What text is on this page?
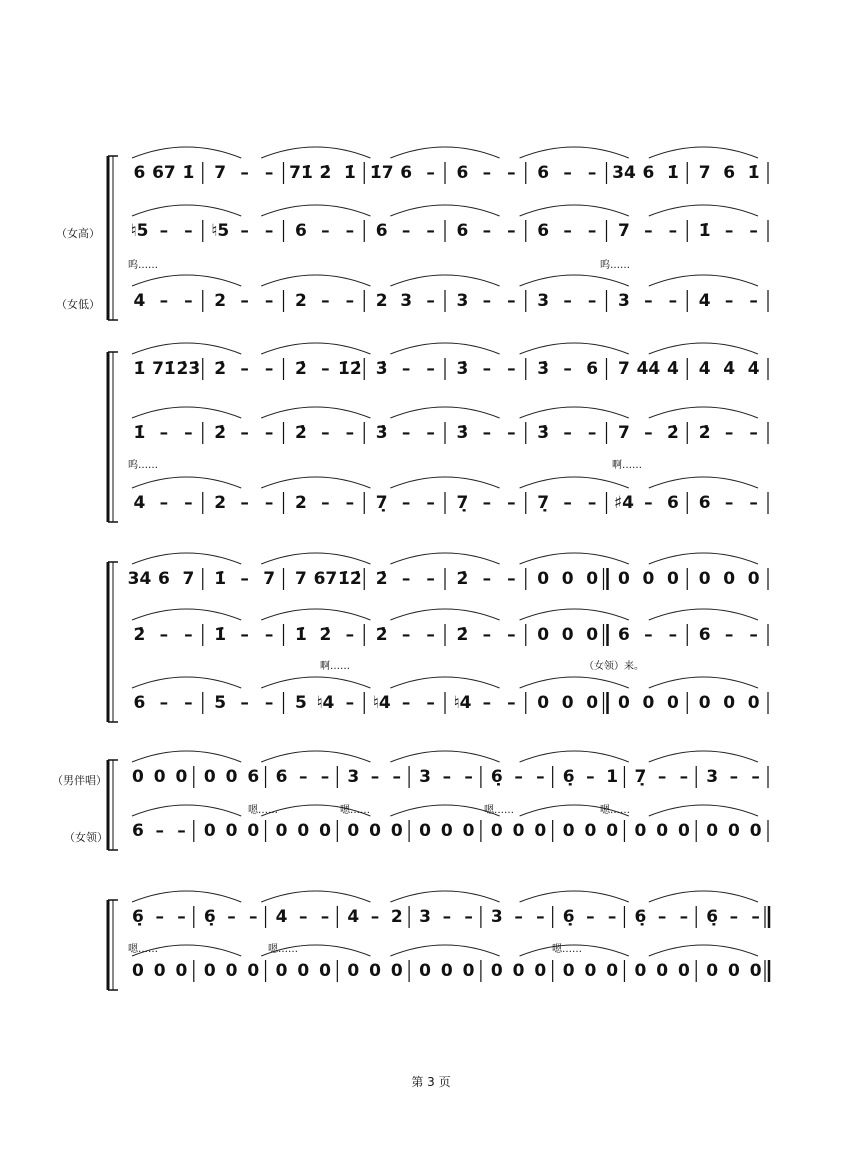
6 67 1̇ 7 – – 71̇ 2̇ 1̇ 1̇7 6 – 6 – – 6 – – 34 6 1̇ 7 6 1̇
♮5 – – ♮5 – – 6 – – 6 – – 6 – – 6 – – 7 – – 1̇ – –
4 – – 2 – – 2 – – 2 3 – 3 – – 3 – – 3 – – 4 – –
1̇ 71̇ 2̇3̇ 2̇ – – 2̇ – 1̇2̇ 3̇ – – 3̇ – – 3̇ – 6 7 4̇4̇ 4̇ 4̇ 4̇ 4̇
1̇ – – 2̇ – – 2̇ – – 3̇ – – 3̇ – – 3̇ – – 7 – 2̇ 2̇ – –
4 – – 2 – – 2 – – 7̣ – – 7̣ – – 7̣ – – ♯4 – 6 6 – –
34 6 7 1̇ – 7 7 67 1̇2̇ 2̇ – – 2̇ – – 0 0 0 0 0 0 0 0 0
2̇ – – 1̇ – – 1̇ 2̇ – 2̇ – – 2̇ – – 0 0 0 6 – – 6 – –
6 – – 5 – – 5 ♮4 – ♮4 – – ♮4 – – 0 0 0 0 0 0 0 0 0
0 0 0 0 0 6 6 – – 3 – – 3 – – 6̣ – – 6̣ – 1 7̣ – – 3 – –
6 – – 0 0 0 0 0 0 0 0 0 0 0 0 0 0 0 0 0 0 0 0 0 0 0 0
6̣ – – 6̣ – – 4 – – 4 – 2 3 – – 3 – – 6̣ – – 6̣ – – 6̣ – –
0 0 0 0 0 0 0 0 0 0 0 0 0 0 0 0 0 0 0 0 0 0 0 0 0 0 0
（女高）
（女低）
（男伴唱）
（女领）
呜……	呜……
呜……	啊……
啊……	（女领）来。
嗯……	嗯……	嗯……	嗯……
嗯……	嗯……	嗯……
第 3 页
